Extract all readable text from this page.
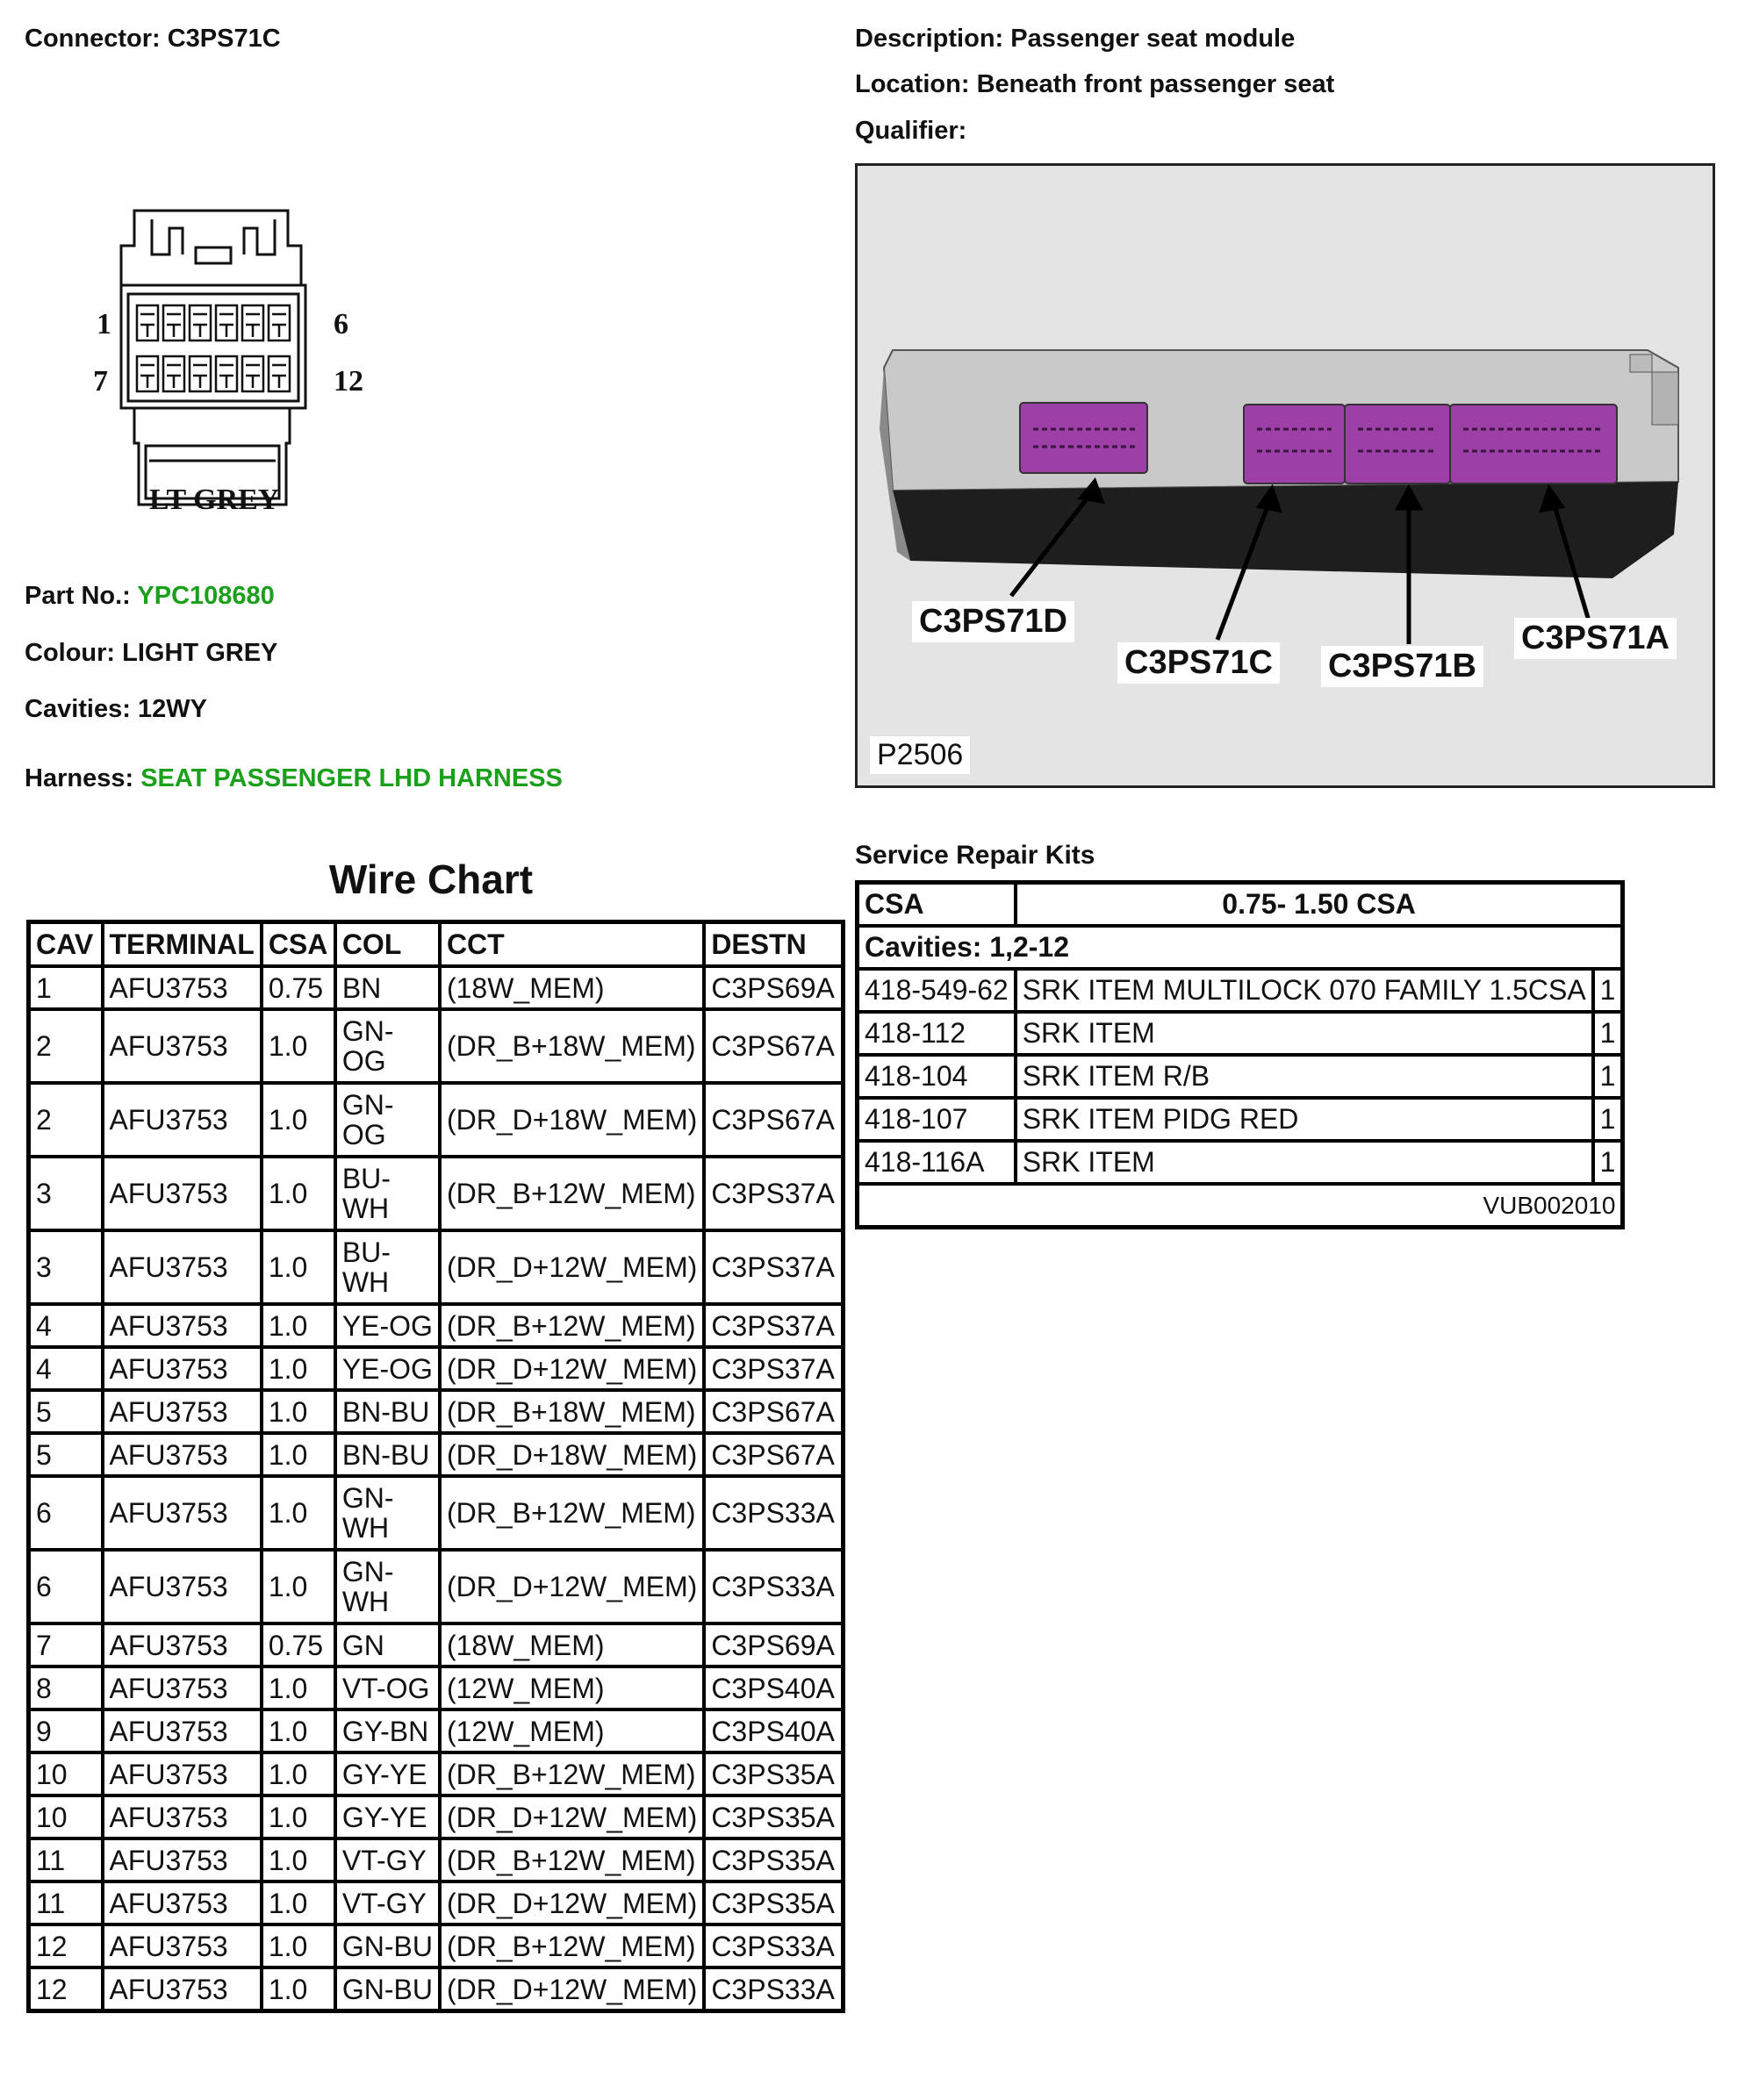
Connector: C3PS71C	Description: Passenger seat module
Location: Beneath front passenger seat
Qualifier:
1	6
7	12
LT GREY
Part No.: YPC108680
Colour: LIGHT GREY
Cavities: 12WY
Harness: SEAT PASSENGER LHD HARNESS
Wire Chart
CAV	TERMINAL	CSA	COL	CCT	DESTN
1	AFU3753	0.75	BN	(18W_MEM)	C3PS69A
2	AFU3753	1.0	GN-OG	(DR_B+18W_MEM)	C3PS67A
2	AFU3753	1.0	GN-OG	(DR_D+18W_MEM)	C3PS67A
3	AFU3753	1.0	BU-WH	(DR_B+12W_MEM)	C3PS37A
3	AFU3753	1.0	BU-WH	(DR_D+12W_MEM)	C3PS37A
4	AFU3753	1.0	YE-OG	(DR_B+12W_MEM)	C3PS37A
4	AFU3753	1.0	YE-OG	(DR_D+12W_MEM)	C3PS37A
5	AFU3753	1.0	BN-BU	(DR_B+18W_MEM)	C3PS67A
5	AFU3753	1.0	BN-BU	(DR_D+18W_MEM)	C3PS67A
6	AFU3753	1.0	GN-WH	(DR_B+12W_MEM)	C3PS33A
6	AFU3753	1.0	GN-WH	(DR_D+12W_MEM)	C3PS33A
7	AFU3753	0.75	GN	(18W_MEM)	C3PS69A
8	AFU3753	1.0	VT-OG	(12W_MEM)	C3PS40A
9	AFU3753	1.0	GY-BN	(12W_MEM)	C3PS40A
10	AFU3753	1.0	GY-YE	(DR_B+12W_MEM)	C3PS35A
10	AFU3753	1.0	GY-YE	(DR_D+12W_MEM)	C3PS35A
11	AFU3753	1.0	VT-GY	(DR_B+12W_MEM)	C3PS35A
11	AFU3753	1.0	VT-GY	(DR_D+12W_MEM)	C3PS35A
12	AFU3753	1.0	GN-BU	(DR_B+12W_MEM)	C3PS33A
12	AFU3753	1.0	GN-BU	(DR_D+12W_MEM)	C3PS33A
C3PS71D
C3PS71C C3PS71B
C3PS71A
P2506
Service Repair Kits
CSA	0.75- 1.50 CSA	
Cavities: 1,2-12		
418-549-62	SRK ITEM MULTILOCK 070 FAMILY 1.5CSA	1
418-112	SRK ITEM	1
418-104	SRK ITEM R/B	1
418-107	SRK ITEM PIDG RED	1
418-116A	SRK ITEM	1
VUB002010		
